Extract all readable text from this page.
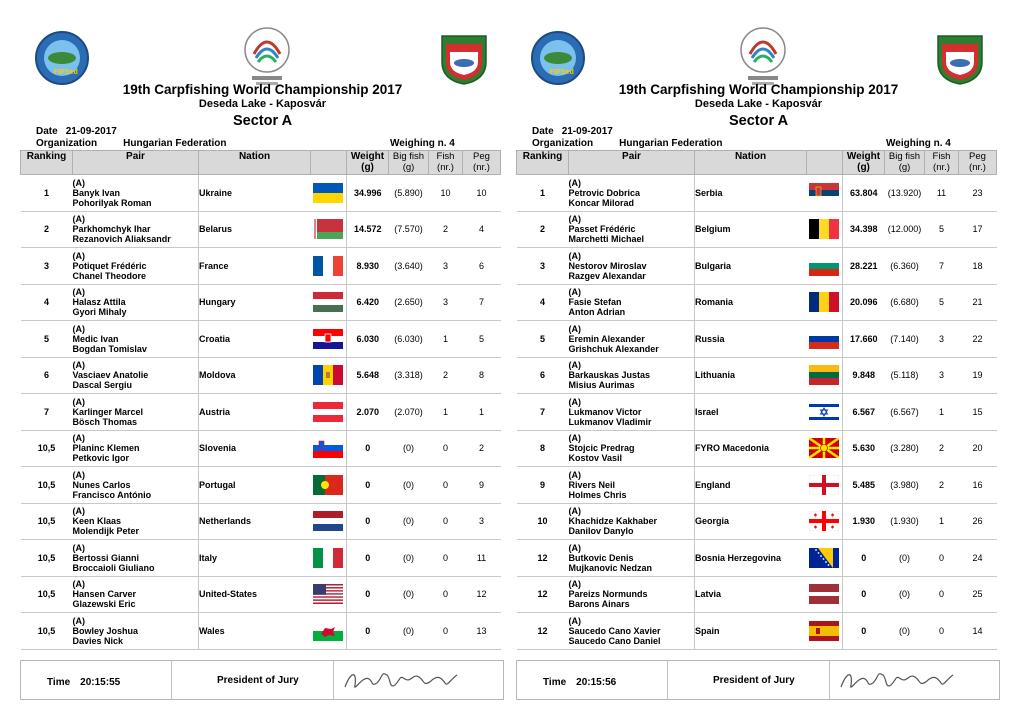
FIPSed
19th Carpfishing World Championship 2017
Deseda Lake - Kaposvár
Sector A
Date 21-09-2017
Organization	Hungarian Federation	Weighing n. 4
Ranking	Pair	Nation		Weight
(g)	Big fish
(g)	Fish
(nr.)	Peg
(nr.)
1	(A)
Banyk Ivan
Pohorilyak Roman	Ukraine		34.996	(5.890)	10	10
2	(A)
Parkhomchyk Ihar
Rezanovich Aliaksandr	Belarus		14.572	(7.570)	2	4
3	(A)
Potiquet Frédéric
Chanel Theodore	France		8.930	(3.640)	3	6
4	(A)
Halasz Attila
Gyori Mihaly	Hungary		6.420	(2.650)	3	7
5	(A)
Medic Ivan
Bogdan Tomislav	Croatia		6.030	(6.030)	1	5
6	(A)
Vasciaev Anatolie
Dascal Sergiu	Moldova		5.648	(3.318)	2	8
7	(A)
Karlinger Marcel
Bösch Thomas	Austria		2.070	(2.070)	1	1
10,5	(A)
Planinc Klemen
Petkovic Igor	Slovenia		0	(0)	0	2
10,5	(A)
Nunes Carlos
Francisco António	Portugal		0	(0)	0	9
10,5	(A)
Keen Klaas
Molendijk Peter	Netherlands		0	(0)	0	3
10,5	(A)
Bertossi Gianni
Broccaioli Giuliano	Italy		0	(0)	0	11
10,5	(A)
Hansen Carver
Glazewski Eric	United-States		0	(0)	0	12
10,5	(A)
Bowley Joshua
Davies Nick	Wales		0	(0)	0	13
Time 20:15:55	President of Jury
FIPSed
19th Carpfishing World Championship 2017
Deseda Lake - Kaposvár
Sector A
Date 21-09-2017
Organization	Hungarian Federation	Weighing n. 4
Ranking	Pair	Nation		Weight
(g)	Big fish
(g)	Fish
(nr.)	Peg
(nr.)
1	(A)
Petrovic Dobrica
Koncar Milorad	Serbia		63.804	(13.920)	11	23
2	(A)
Passet Frédéric
Marchetti Michael	Belgium		34.398	(12.000)	5	17
3	(A)
Nestorov Miroslav
Razgev Alexandar	Bulgaria		28.221	(6.360)	7	18
4	(A)
Fasie Stefan
Anton Adrian	Romania		20.096	(6.680)	5	21
5	(A)
Eremin Alexander
Grishchuk Alexander	Russia		17.660	(7.140)	3	22
6	(A)
Barkauskas Justas
Misius Aurimas	Lithuania		9.848	(5.118)	3	19
7	(A)
Lukmanov Victor
Lukmanov Vladimir	Israel		6.567	(6.567)	1	15
8	(A)
Stojcic Predrag
Kostov Vasil	FYRO Macedonia		5.630	(3.280)	2	20
9	(A)
Rivers Neil
Holmes Chris	England		5.485	(3.980)	2	16
10	(A)
Khachidze Kakhaber
Danilov Danylo	Georgia		1.930	(1.930)	1	26
12	(A)
Butkovic Denis
Mujkanovic Nedzan	Bosnia Herzegovina		0	(0)	0	24
12	(A)
Pareizs Normunds
Barons Ainars	Latvia		0	(0)	0	25
12	(A)
Saucedo Cano Xavier
Saucedo Cano Daniel	Spain		0	(0)	0	14
Time 20:15:56	President of Jury
